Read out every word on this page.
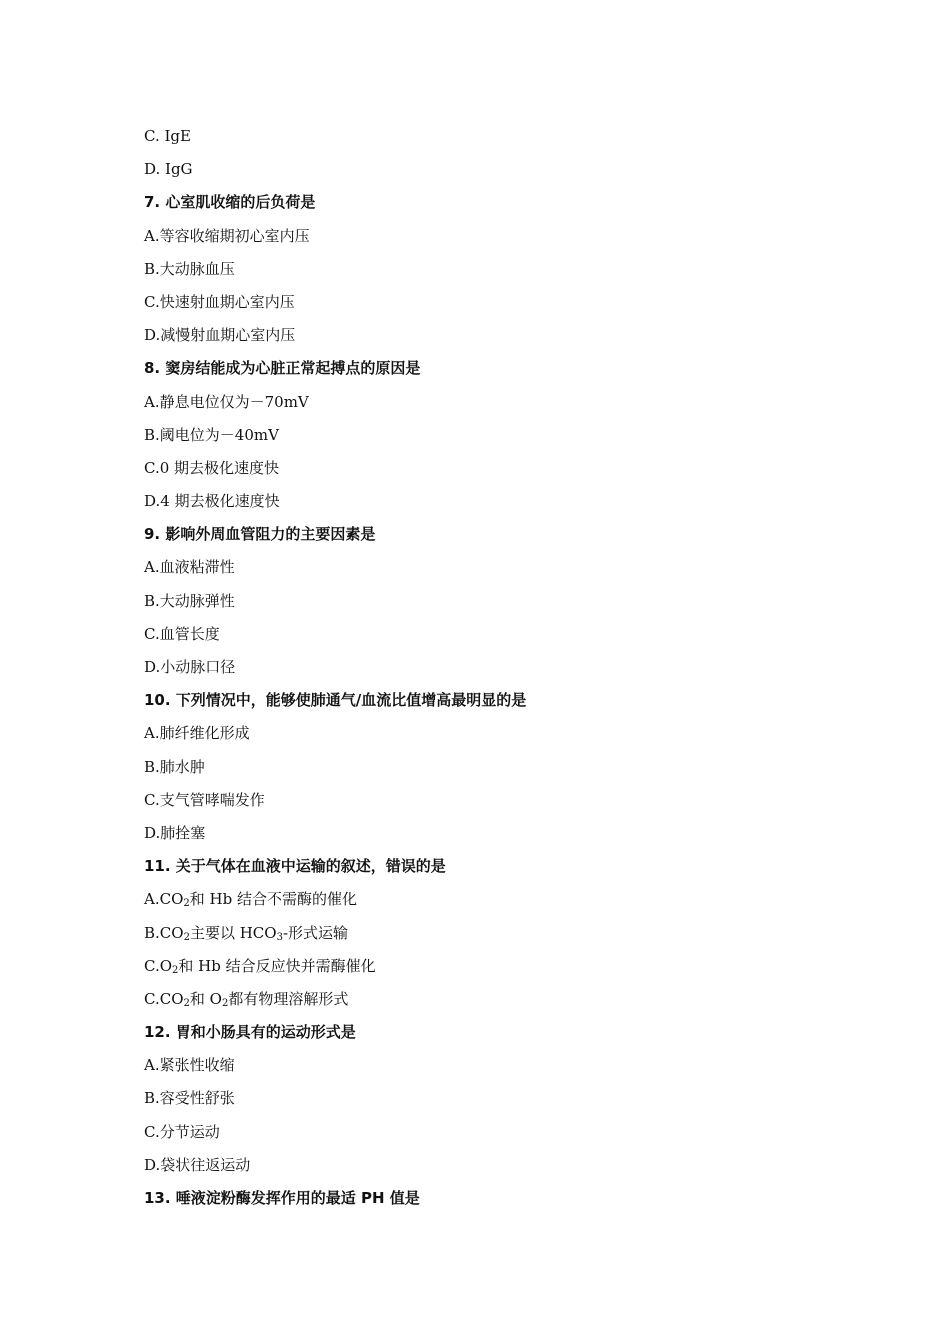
C. IgE
D. IgG
7. 心室肌收缩的后负荷是
A.等容收缩期初心室内压
B.大动脉血压
C.快速射血期心室内压
D.减慢射血期心室内压
8. 窦房结能成为心脏正常起搏点的原因是
A.静息电位仅为－70mV
B.阈电位为－40mV
C.0 期去极化速度快
D.4 期去极化速度快
9. 影响外周血管阻力的主要因素是
A.血液粘滞性
B.大动脉弹性
C.血管长度
D.小动脉口径
10. 下列情况中，能够使肺通气/血流比值增高最明显的是
A.肺纤维化形成
B.肺水肿
C.支气管哮喘发作
D.肺拴塞
11. 关于气体在血液中运输的叙述，错误的是
$A.CO_2$和 Hb 结合不需酶的催化
$B.CO_2$主要以 $HCO_3-$形式运输
$C.O_2$和 Hb 结合反应快并需酶催化
$C.CO_2$和 $O_2$都有物理溶解形式
12. 胃和小肠具有的运动形式是
A.紧张性收缩
B.容受性舒张
C.分节运动
D.袋状往返运动
13. 唾液淀粉酶发挥作用的最适 PH 值是
